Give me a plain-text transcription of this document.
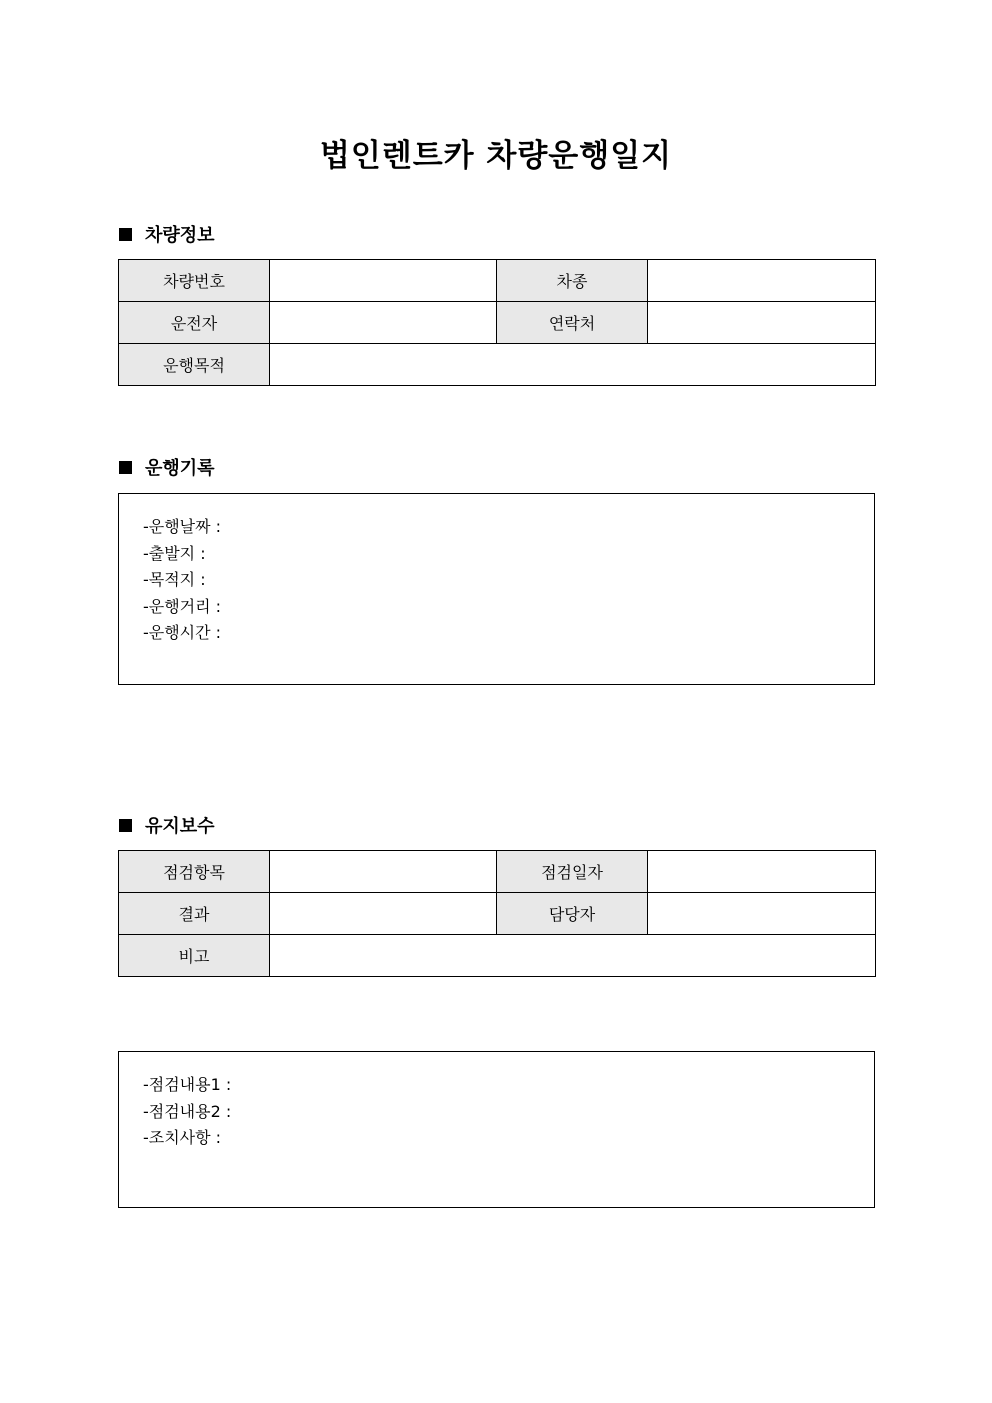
법인렌트카 차량운행일지
차량정보
차량번호		차종	
운전자		연락처	
운행목적			
운행기록
-운행날짜 :
-출발지 :
-목적지 :
-운행거리 :
-운행시간 :
유지보수
점검항목		점검일자	
결과		담당자	
비고			
-점검내용1 :
-점검내용2 :
-조치사항 :
